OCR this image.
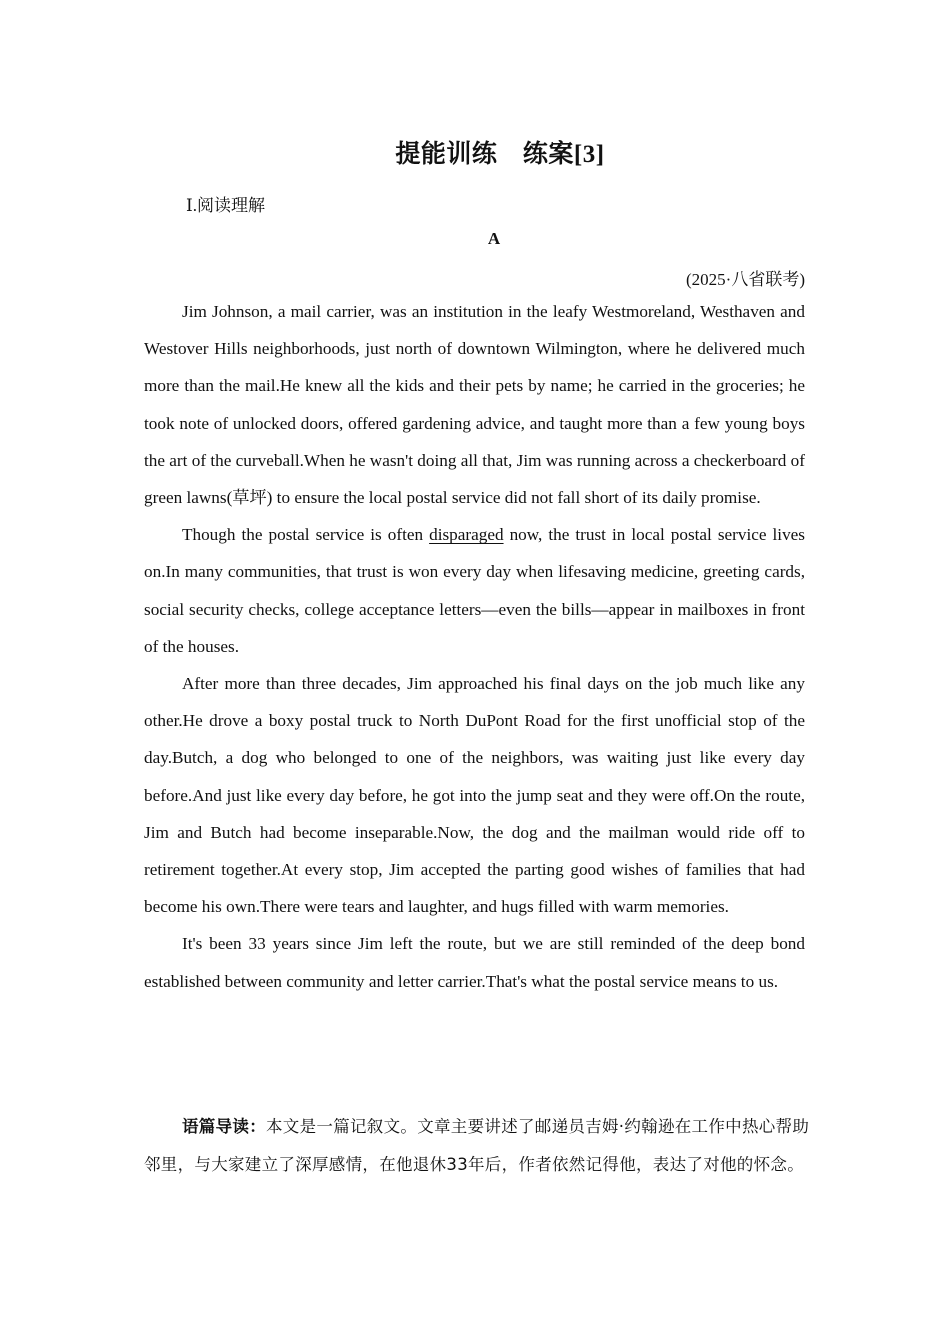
提能训练　练案[3]
Ⅰ.阅读理解
A
(2025·八省联考)

Jim Johnson, a mail carrier, was an institution in the leafy Westmoreland, Westhaven and Westover Hills neighborhoods, just north of downtown Wilmington, where he delivered much more than the mail.He knew all the kids and their pets by name; he carried in the groceries; he took note of unlocked doors, offered gardening advice, and taught more than a few young boys the art of the curveball.When he wasn't doing all that, Jim was running across a checkerboard of green lawns(草坪) to ensure the local postal service did not fall short of its daily promise.

Though the postal service is often disparaged now, the trust in local postal service lives on.In many communities, that trust is won every day when lifesaving medicine, greeting cards, social security checks, college acceptance letters—even the bills—appear in mailboxes in front of the houses.

After more than three decades, Jim approached his final days on the job much like any other.He drove a boxy postal truck to North DuPont Road for the first unofficial stop of the day.Butch, a dog who belonged to one of the neighbors, was waiting just like every day before.And just like every day before, he got into the jump seat and they were off.On the route, Jim and Butch had become inseparable.Now, the dog and the mailman would ride off to retirement together.At every stop, Jim accepted the parting good wishes of families that had become his own.There were tears and laughter, and hugs filled with warm memories.

It's been 33 years since Jim left the route, but we are still reminded of the deep bond established between community and letter carrier.That's what the postal service means to us.

语篇导读：本文是一篇记叙文。文章主要讲述了邮递员吉姆·约翰逊在工作中热心帮助邻里，与大家建立了深厚感情，在他退休33年后，作者依然记得他，表达了对他的怀念。
